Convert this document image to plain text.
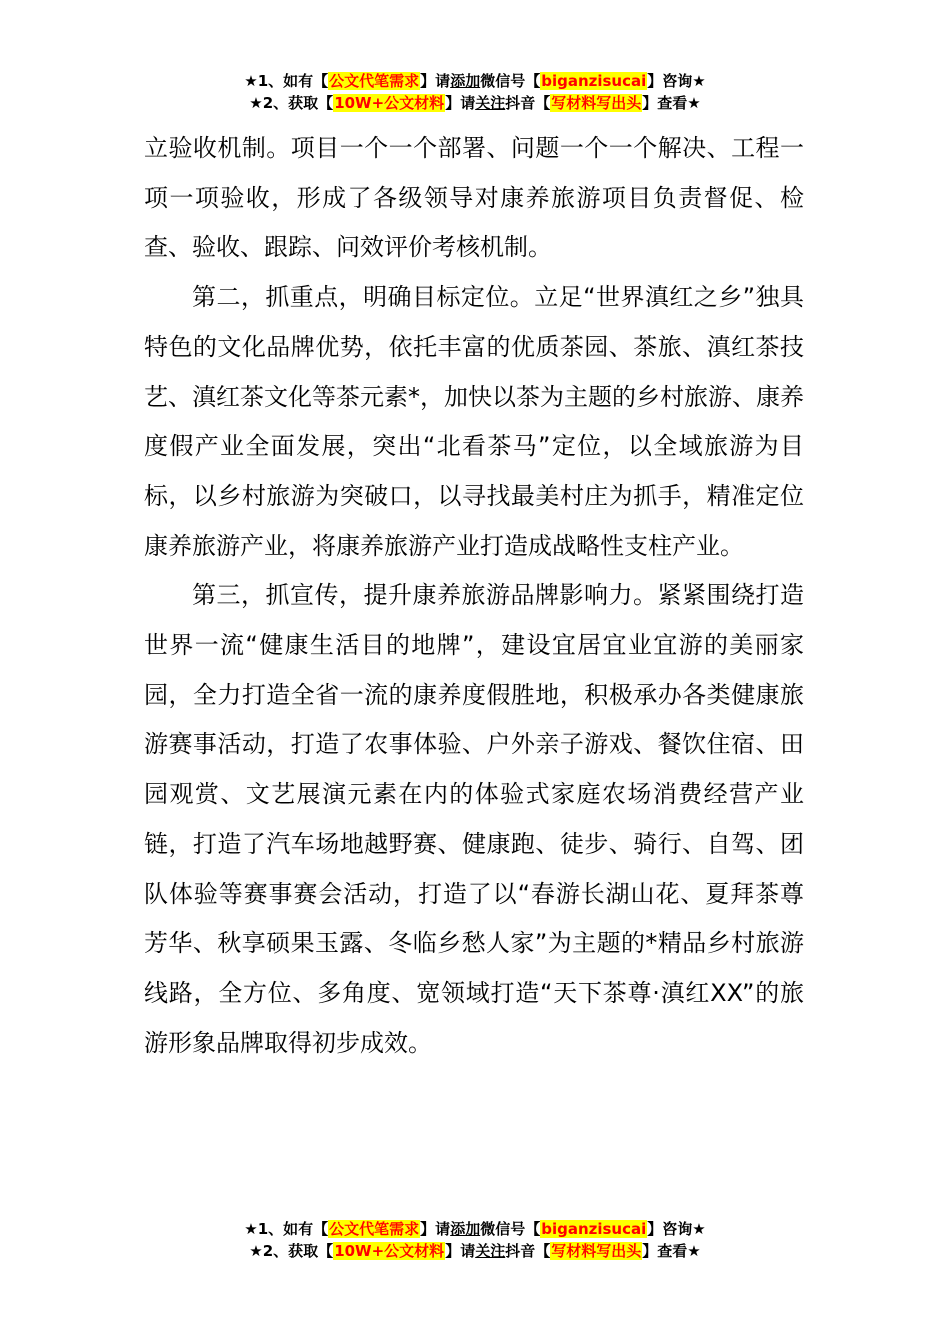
★1、如有【公文代笔需求】请添加微信号【biganzisucai】咨询★
★2、获取【10W+公文材料】请关注抖音【写材料写出头】查看★

立验收机制。项目一个一个部署、问题一个一个解决、工程一项一项验收，形成了各级领导对康养旅游项目负责督促、检查、验收、跟踪、问效评价考核机制。

第二，抓重点，明确目标定位。立足“世界滇红之乡”独具特色的文化品牌优势，依托丰富的优质茶园、茶旅、滇红茶技艺、滇红茶文化等茶元素*，加快以茶为主题的乡村旅游、康养度假产业全面发展，突出“北看茶马”定位，以全域旅游为目标，以乡村旅游为突破口，以寻找最美村庄为抓手，精准定位康养旅游产业，将康养旅游产业打造成战略性支柱产业。

第三，抓宣传，提升康养旅游品牌影响力。紧紧围绕打造世界一流“健康生活目的地牌”，建设宜居宜业宜游的美丽家园，全力打造全省一流的康养度假胜地，积极承办各类健康旅游赛事活动，打造了农事体验、户外亲子游戏、餐饮住宿、田园观赏、文艺展演元素在内的体验式家庭农场消费经营产业链，打造了汽车场地越野赛、健康跑、徒步、骑行、自驾、团队体验等赛事赛会活动，打造了以“春游长湖山花、夏拜茶尊芳华、秋享硕果玉露、冬临乡愁人家”为主题的*精品乡村旅游线路，全方位、多角度、宽领域打造“天下茶尊·滇红XX”的旅游形象品牌取得初步成效。

★1、如有【公文代笔需求】请添加微信号【biganzisucai】咨询★
★2、获取【10W+公文材料】请关注抖音【写材料写出头】查看★
